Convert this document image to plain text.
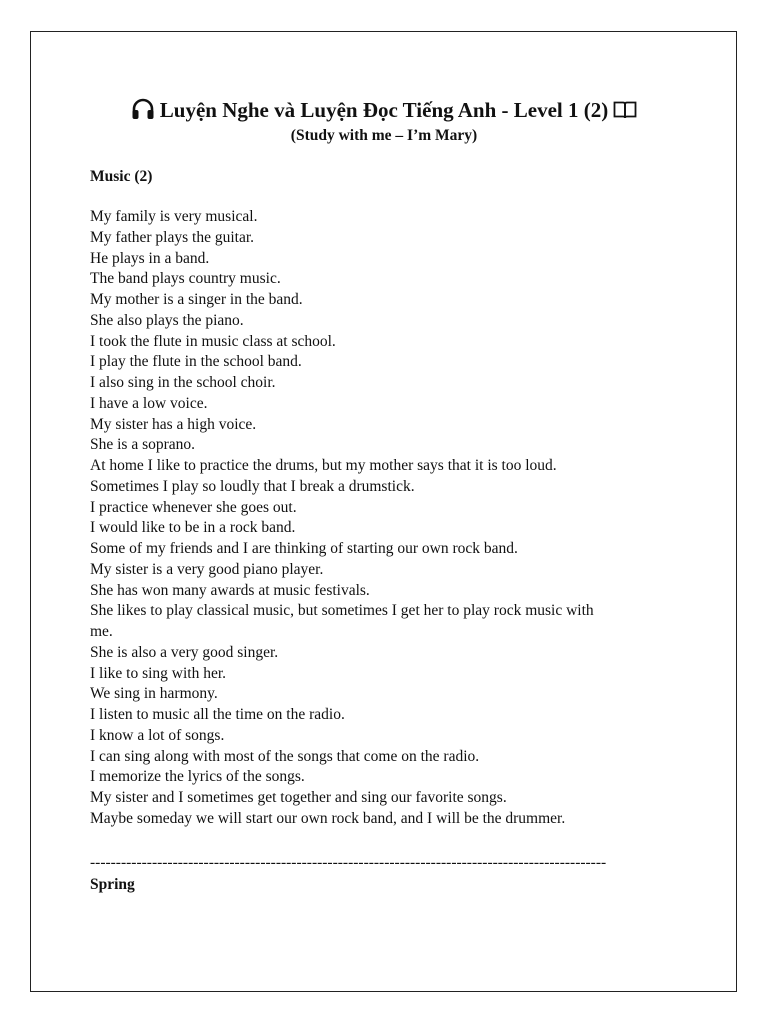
Luyện Nghe và Luyện Đọc Tiếng Anh - Level 1 (2)
(Study with me – I’m Mary)
Music (2)
My family is very musical.
My father plays the guitar.
He plays in a band.
The band plays country music.
My mother is a singer in the band.
She also plays the piano.
I took the flute in music class at school.
I play the flute in the school band.
I also sing in the school choir.
I have a low voice.
My sister has a high voice.
She is a soprano.
At home I like to practice the drums, but my mother says that it is too loud.
Sometimes I play so loudly that I break a drumstick.
I practice whenever she goes out.
I would like to be in a rock band.
Some of my friends and I are thinking of starting our own rock band.
My sister is a very good piano player.
She has won many awards at music festivals.
She likes to play classical music, but sometimes I get her to play rock music with
me.
She is also a very good singer.
I like to sing with her.
We sing in harmony.
I listen to music all the time on the radio.
I know a lot of songs.
I can sing along with most of the songs that come on the radio.
I memorize the lyrics of the songs.
My sister and I sometimes get together and sing our favorite songs.
Maybe someday we will start our own rock band, and I will be the drummer.
----------------------------------------------------------------------------------------------------
Spring
